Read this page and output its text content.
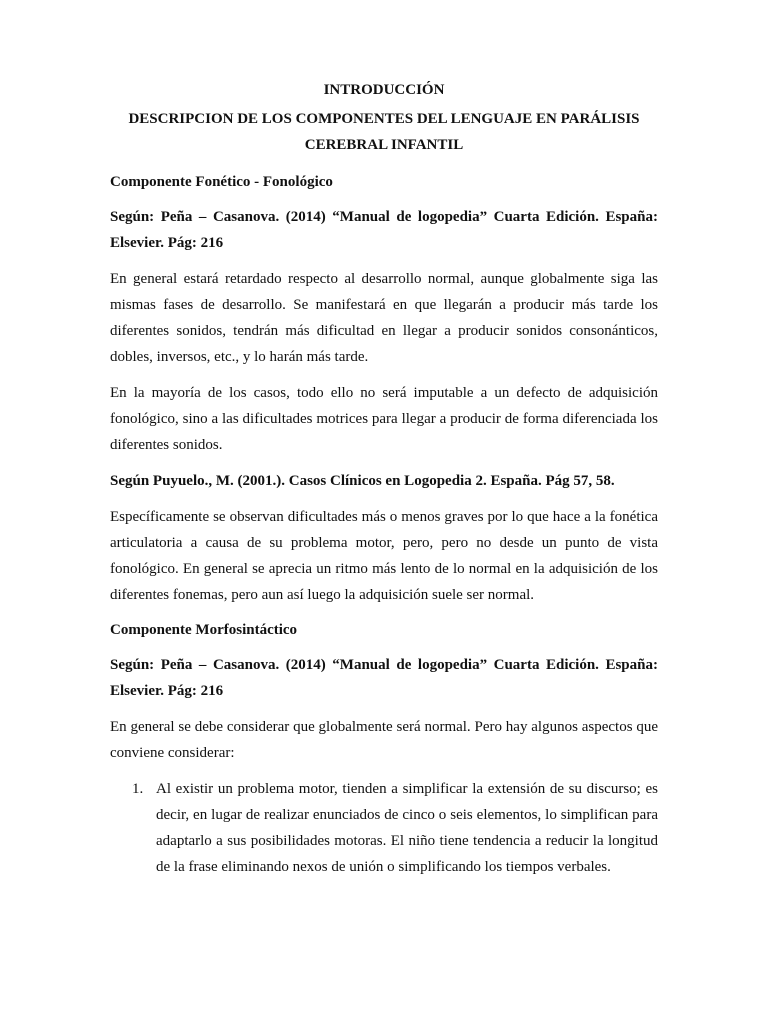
INTRODUCCIÓN
DESCRIPCION DE LOS COMPONENTES DEL LENGUAJE EN PARÁLISIS CEREBRAL INFANTIL
Componente Fonético - Fonológico
Según: Peña – Casanova. (2014) “Manual de logopedia” Cuarta Edición. España: Elsevier. Pág: 216
En general estará retardado respecto al desarrollo normal, aunque globalmente siga las mismas fases de desarrollo. Se manifestará en que llegarán a producir más tarde los diferentes sonidos, tendrán más dificultad en llegar a producir sonidos consonánticos, dobles, inversos, etc., y lo harán más tarde.
En la mayoría de los casos, todo ello no será imputable a un defecto de adquisición fonológico, sino a las dificultades motrices para llegar a producir de forma diferenciada los diferentes sonidos.
Según Puyuelo., M. (2001.). Casos Clínicos en Logopedia 2. España. Pág 57, 58.
Específicamente se observan dificultades más o menos graves por lo que hace a la fonética articulatoria a causa de su problema motor, pero, pero no desde un punto de vista fonológico. En general se aprecia un ritmo más lento de lo normal en la adquisición de los diferentes fonemas, pero aun así luego la adquisición suele ser normal.
Componente Morfosintáctico
Según: Peña – Casanova. (2014) “Manual de logopedia” Cuarta Edición. España: Elsevier. Pág: 216
En general se debe considerar que globalmente será normal. Pero hay algunos aspectos que conviene considerar:
1. Al existir un problema motor, tienden a simplificar la extensión de su discurso; es decir, en lugar de realizar enunciados de cinco o seis elementos, lo simplifican para adaptarlo a sus posibilidades motoras. El niño tiene tendencia a reducir la longitud de la frase eliminando nexos de unión o simplificando los tiempos verbales.
